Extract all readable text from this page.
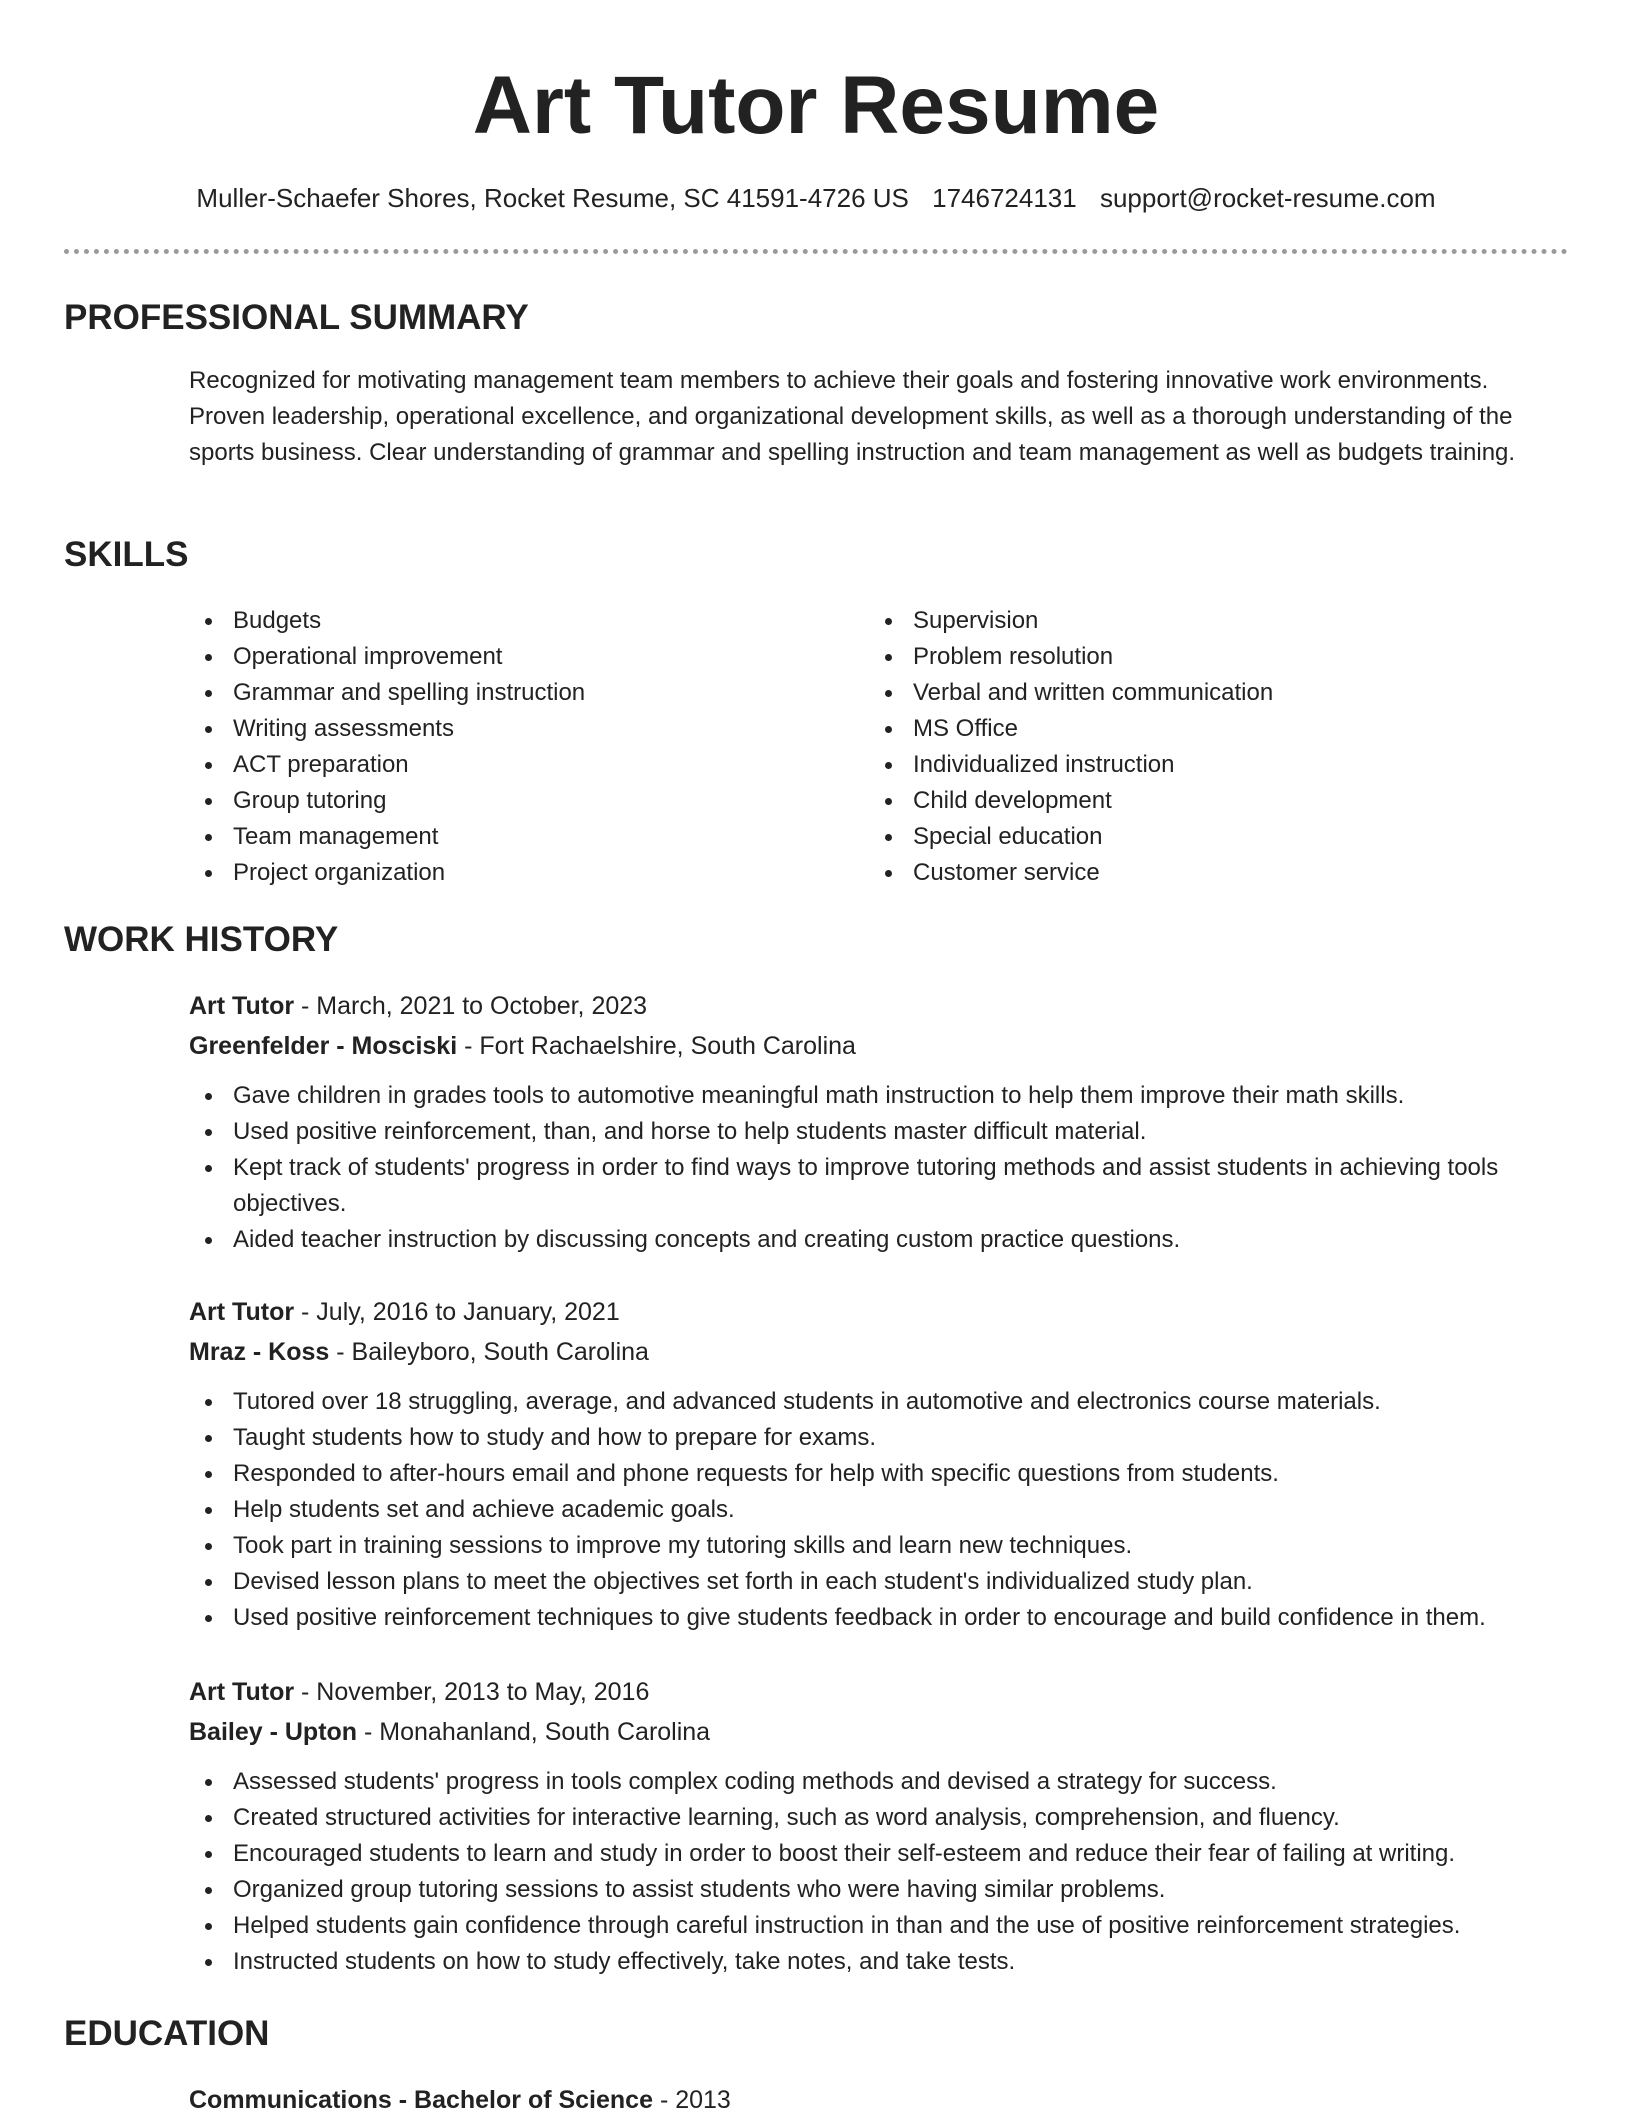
Art Tutor Resume
Muller-Schaefer Shores, Rocket Resume, SC 41591-4726 US 1746724131 support@rocket-resume.com
PROFESSIONAL SUMMARY

Recognized for motivating management team members to achieve their goals and fostering innovative work environments. Proven leadership, operational excellence, and organizational development skills, as well as a thorough understanding of the sports business. Clear understanding of grammar and spelling instruction and team management as well as budgets training.

SKILLS
Budgets
Operational improvement
Grammar and spelling instruction
Writing assessments
ACT preparation
Group tutoring
Team management
Project organization
Supervision
Problem resolution
Verbal and written communication
MS Office
Individualized instruction
Child development
Special education
Customer service
WORK HISTORY
Art Tutor - March, 2021 to October, 2023
Greenfelder - Mosciski - Fort Rachaelshire, South Carolina
Gave children in grades tools to automotive meaningful math instruction to help them improve their math skills.
Used positive reinforcement, than, and horse to help students master difficult material.
Kept track of students' progress in order to find ways to improve tutoring methods and assist students in achieving tools objectives.
Aided teacher instruction by discussing concepts and creating custom practice questions.
Art Tutor - July, 2016 to January, 2021
Mraz - Koss - Baileyboro, South Carolina
Tutored over 18 struggling, average, and advanced students in automotive and electronics course materials.
Taught students how to study and how to prepare for exams.
Responded to after-hours email and phone requests for help with specific questions from students.
Help students set and achieve academic goals.
Took part in training sessions to improve my tutoring skills and learn new techniques.
Devised lesson plans to meet the objectives set forth in each student's individualized study plan.
Used positive reinforcement techniques to give students feedback in order to encourage and build confidence in them.
Art Tutor - November, 2013 to May, 2016
Bailey - Upton - Monahanland, South Carolina
Assessed students' progress in tools complex coding methods and devised a strategy for success.
Created structured activities for interactive learning, such as word analysis, comprehension, and fluency.
Encouraged students to learn and study in order to boost their self-esteem and reduce their fear of failing at writing.
Organized group tutoring sessions to assist students who were having similar problems.
Helped students gain confidence through careful instruction in than and the use of positive reinforcement strategies.
Instructed students on how to study effectively, take notes, and take tests.
EDUCATION
Communications - Bachelor of Science - 2013
